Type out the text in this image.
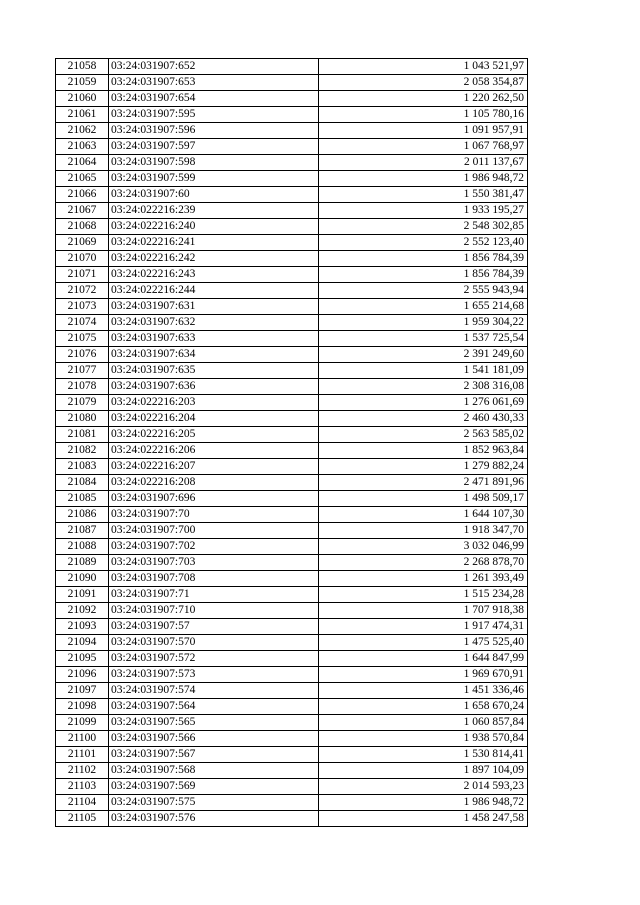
21058	03:24:031907:652	1 043 521,97
21059	03:24:031907:653	2 058 354,87
21060	03:24:031907:654	1 220 262,50
21061	03:24:031907:595	1 105 780,16
21062	03:24:031907:596	1 091 957,91
21063	03:24:031907:597	1 067 768,97
21064	03:24:031907:598	2 011 137,67
21065	03:24:031907:599	1 986 948,72
21066	03:24:031907:60	1 550 381,47
21067	03:24:022216:239	1 933 195,27
21068	03:24:022216:240	2 548 302,85
21069	03:24:022216:241	2 552 123,40
21070	03:24:022216:242	1 856 784,39
21071	03:24:022216:243	1 856 784,39
21072	03:24:022216:244	2 555 943,94
21073	03:24:031907:631	1 655 214,68
21074	03:24:031907:632	1 959 304,22
21075	03:24:031907:633	1 537 725,54
21076	03:24:031907:634	2 391 249,60
21077	03:24:031907:635	1 541 181,09
21078	03:24:031907:636	2 308 316,08
21079	03:24:022216:203	1 276 061,69
21080	03:24:022216:204	2 460 430,33
21081	03:24:022216:205	2 563 585,02
21082	03:24:022216:206	1 852 963,84
21083	03:24:022216:207	1 279 882,24
21084	03:24:022216:208	2 471 891,96
21085	03:24:031907:696	1 498 509,17
21086	03:24:031907:70	1 644 107,30
21087	03:24:031907:700	1 918 347,70
21088	03:24:031907:702	3 032 046,99
21089	03:24:031907:703	2 268 878,70
21090	03:24:031907:708	1 261 393,49
21091	03:24:031907:71	1 515 234,28
21092	03:24:031907:710	1 707 918,38
21093	03:24:031907:57	1 917 474,31
21094	03:24:031907:570	1 475 525,40
21095	03:24:031907:572	1 644 847,99
21096	03:24:031907:573	1 969 670,91
21097	03:24:031907:574	1 451 336,46
21098	03:24:031907:564	1 658 670,24
21099	03:24:031907:565	1 060 857,84
21100	03:24:031907:566	1 938 570,84
21101	03:24:031907:567	1 530 814,41
21102	03:24:031907:568	1 897 104,09
21103	03:24:031907:569	2 014 593,23
21104	03:24:031907:575	1 986 948,72
21105	03:24:031907:576	1 458 247,58
